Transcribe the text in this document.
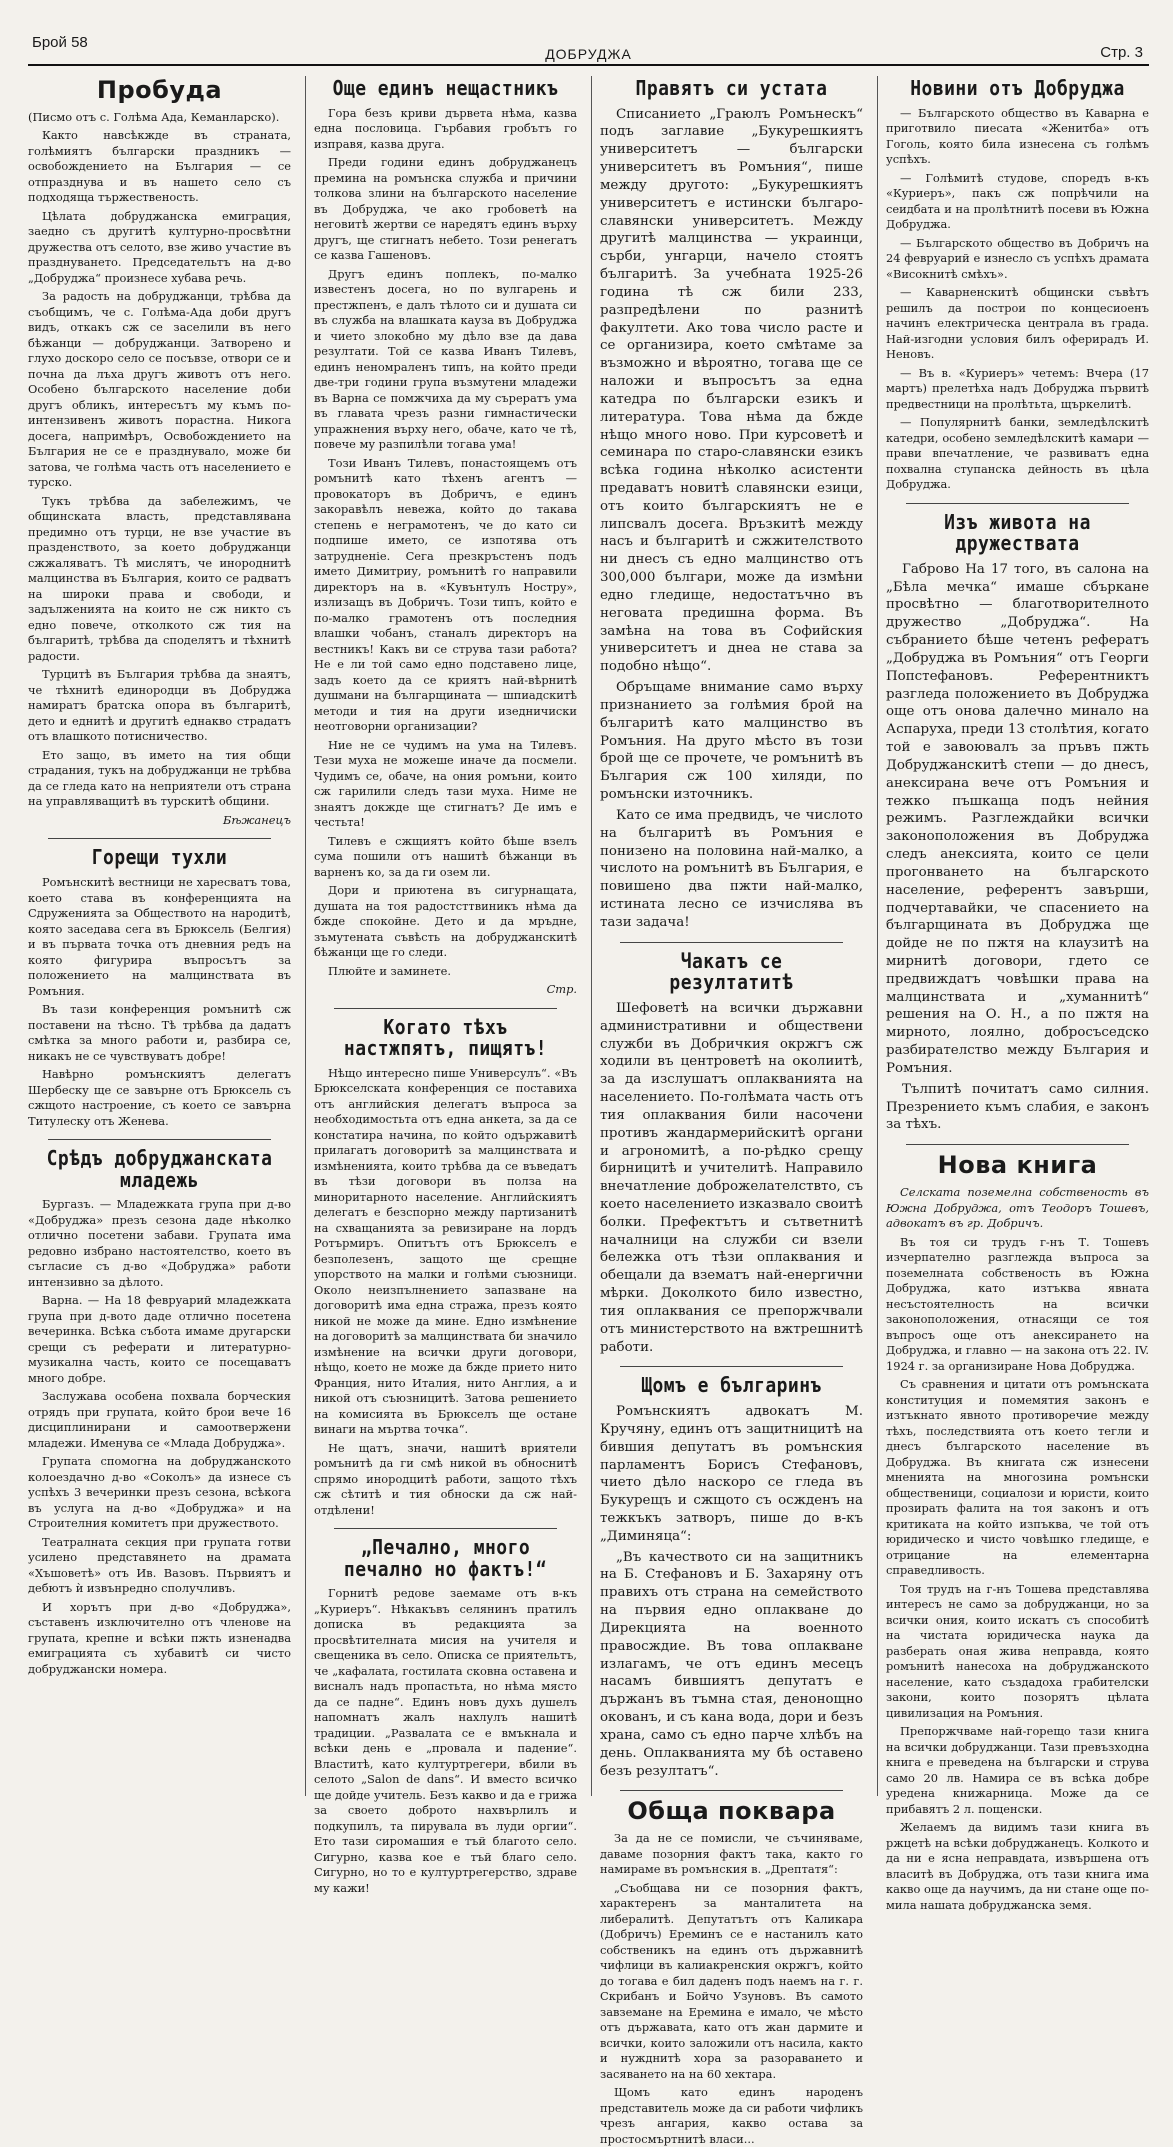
Брой 58
ДОБРУДЖА	Стр. 3
Пробуда

(Писмо отъ с. Голѣма Ада, Кеманларско).

Както навсѣкжде въ страната, голѣмиятъ български праздникъ — освобождението на България — се отпразднува и въ нашето село съ подходяща тържественость.

Цѣлата добруджанска емиграция, заедно съ другитѣ културно-просвѣтни дружества отъ селото, взе живо участие въ празднуването. Председательтъ на д-во „Добруджа“ произнесе хубава речь.

За радость на добруджанци, трѣбва да съобщимъ, че с. Голѣма-Ада доби другъ видъ, откакъ сж се заселили въ него бѣжанци — добруджанци. Затворено и глухо доскоро село се посъвзе, отвори се и почна да лъха другъ животъ отъ него. Особено българското население доби другъ обликъ, интересътъ му къмъ по-интензивенъ животъ порастна. Никога досега, напримѣръ, Освобождението на България не се е празднувало, може би затова, че голѣма часть отъ населението е турско.

Тукъ трѣбва да забележимъ, че общинската власть, представлявана предимно отъ турци, не взе участие въ празденството, за което добруджанци сжжаляватъ. Тѣ мислятъ, че инороднитѣ малцинства въ България, които се радватъ на широки права и свободи, и задълженията на които не сж никто съ едно повече, отколкото сж тия на българитѣ, трѣбва да споделятъ и тѣхнитѣ радости.

Турцитѣ въ България трѣбва да знаятъ, че тѣхнитѣ единородци въ Добруджа намиратъ братска опора въ българитѣ, дето и еднитѣ и другитѣ еднакво страдатъ отъ влашкото потисничество.

Ето защо, въ името на тия общи страдания, тукъ на добруджанци не трѣбва да се гледа като на неприятели отъ страна на управляващитѣ въ турскитѣ общини.

Бѣжанецъ
Горещи тухли

Ромънскитѣ вестници не харесватъ това, което става въ конференцията на Сдруженията за Обществото на народитѣ, която заседава сега въ Брюксель (Белгия) и въ първата точка отъ дневния редъ на която фигурира въпросътъ за положението на малцинствата въ Ромъния.

Въ тази конференция ромънитѣ сж поставени на тѣсно. Тѣ трѣбва да дадатъ смѣтка за много работи и, разбира се, никакъ не се чувствуватъ добре!

Навѣрно ромънскиятъ делегатъ Шербеску ще се завърне отъ Брюксель съ сжщото настроение, съ което се завърна Титулеску отъ Женева.

Срѣдъ добруджанската младежь

Бургазъ. — Младежката група при д-во «Добруджа» презъ сезона даде нѣколко отлично посетени забави. Групата има редовно избрано настоятелство, което въ съгласие съ д-во «Добруджа» работи интензивно за дѣлото.

Варна. — На 18 февруарий младежката група при д-вото даде отлично посетена вечеринка. Всѣка събота имаме другарски срещи съ реферати и литературно-музикална часть, които се посещаватъ много добре.

Заслужава особена похвала борческия отрядъ при групата, който брои вече 16 дисциплинирани и самоотвержени младежи. Именува се «Млада Добруджа».

Групата спомогна на добруджанското колоездачно д-во «Соколъ» да изнесе съ успѣхъ 3 вечеринки презъ сезона, всѣкога въ услуга на д-во «Добруджа» и на Строителния комитетъ при дружеството.

Театралната секция при групата готви усилено представянето на драмата «Хъшоветѣ» отъ Ив. Вазовъ. Първиятъ и дебютъ ѝ извънредно сполучливъ.

И хорътъ при д-во «Добруджа», съставенъ изключително отъ членове на групата, крепне и всѣки пжть изненадва емиграцията съ хубавитѣ си чисто добруджански номера.

Още единъ нещастникъ

Гора безъ криви дървета нѣма, казва една пословица. Гърбавия гробътъ го изправя, казва друга.

Преди години единъ добруджанецъ премина на ромънска служба и причини толкова злини на българското население въ Добруджа, че ако гробоветѣ на неговитѣ жертви се наредятъ единъ върху другъ, ще стигнатъ небето. Този ренегатъ се казва Гашеновъ.

Другъ единъ поплекъ, по-малко известенъ досега, но по вулгарень и престжпенъ, е далъ тѣлото си и душата си въ служба на влашката кауза въ Добруджа и чието злокобно му дѣло взе да дава резултати. Той се казва Иванъ Тилевъ, единъ неномраленъ типъ, на който преди две-три години група възмутени младежи въ Варна се помжчиха да му сърератъ ума въ главата чрезъ разни гимнастически упражнения върху него, обаче, като че тѣ, повече му разпилѣли тогава ума!

Този Иванъ Тилевъ, понастоящемъ отъ ромънитѣ като тѣхенъ агентъ — провокаторъ въ Добричъ, е единъ закоравѣлъ невежа, който до такава степень е неграмотенъ, че до като си подпише името, се изпотява отъ затрудненіе. Сега презкръстенъ подъ името Димитриу, ромънитѣ го направили директоръ на в. «Кувънтулъ Нострy», излизащъ въ Добричъ. Този типъ, който е по-малко грамотенъ отъ последния влашки чобанъ, станалъ директоръ на вестникъ! Какъ ви се струва тази работа? Не е ли той само едно подставено лице, задъ което да се криятъ най-вѣрнитѣ душмани на българщината — шпиадскитѣ методи и тия на други изедничиски неотговорни организации?

Ние не се чудимъ на ума на Тилевъ. Тези муха не можеше иначе да посмели. Чудимъ се, обаче, на ония ромъни, които сж гарилили следъ тази муха. Ниме не знаятъ докжде ще стигнатъ? Де имъ е честьта!

Тилевъ е сжщиятъ който бѣше взелъ сума пошили отъ нашитѣ бѣжанци въ варненъ ко, за да ги озем ли.

Дори и приютена въ сигурнащата, душата на тоя радостсттвиникъ нѣма да бжде спокойне. Дето и да мръдне, зъмутената съвѣсть на добруджанскитѣ бѣжанци ще го следи.

Плюйте и заминете.

Стр.
Когато тѣхъ настжпятъ, пищятъ!

Нѣщо интересно пише Универсулъ“. «Въ Брюкселската конференция се поставиха отъ английския делегатъ въпроса за необходимостьта отъ една анкета, за да се констатира начина, по който одържавитѣ прилагатъ договоритѣ за малцинствата и измѣненията, които трѣбва да се въведатъ въ тѣзи договори въ полза на миноритарното население. Английскиятъ делегатъ е безспорно между партизанитѣ на схващанията за ревизиране на лордъ Ротърмиръ. Опитътъ отъ Брюкселъ е безполезенъ, защото ще срещне упорството на малки и голѣми съюзници. Около неизпълнението запазване на договоритѣ има една стража, презъ която никой не може да мине. Едно измѣнение на договоритѣ за малцинствата би значило измѣнение на всички други договори, нѣщо, което не може да бжде прието нито Франция, нито Италия, нито Англия, а и никой отъ съюзницитѣ. Затова решението на комисията въ Брюкселъ ще остане винаги на мъртва точка“.

Не щатъ, значи, нашитѣ вриятели ромънитѣ да ги смѣ никой въ обноснитѣ спрямо инородцитѣ работи, защото тѣхъ сж сѣтитѣ и тия обноски да сж най-отдѣлени!

„Печално, много печално но фактъ!“

Горнитѣ редове заемаме отъ в-къ „Куриеръ“. Нѣкакъвъ селянинъ пратилъ дописка въ редакцията за просвѣтителната мисия на учителя и свещеника въ село. Описка се приятельтъ, че „кафалата, гостилата сковна оставена и висналъ надъ пропастьта, но нѣма място да се падне“. Единъ новъ духъ душелъ напомнатъ жалъ нахлулъ нашитѣ традиции. „Развалата се е вмъкнала и всѣки день е „провала и падение“. Властитѣ, като културтрегери, вбили въ селото „Salon de dans“. И вместо всичко ще дойде учитель. Безъ какво и да е грижа за своето доброто нахвърлилъ и подкупилъ, та пирувала въ луди оргии“. Ето тази сиромашия е тъй благото село. Сигурно, казва кое е тъй благо село. Сигурно, но то е културтрегерство, здраве му кажи!

Правятъ си устата

Списанието „Граюлъ Ромънескъ“ подъ заглавие „Букурешкиятъ университетъ — български университетъ въ Ромъния“, пише между другото: „Букурешкиятъ университетъ е истински българо-славянски университетъ. Между другитѣ малцинства — украинци, сърби, унгарци, начело стоятъ българитѣ. За учебната 1925-26 година тѣ сж били 233, разпредѣлени по разнитѣ факултети. Ако това число расте и се организира, което смѣтаме за възможно и вѣроятно, тогава ще се наложи и въпросътъ за една катедра по български езикъ и литература. Това нѣма да бжде нѣщо много ново. При курсоветѣ и семинара по старо-славянски езикъ всѣка година нѣколко асистенти предаватъ новитѣ славянски езици, отъ които българскиятъ не е липсвалъ досега. Връзкитѣ между насъ и българитѣ и сжжителството ни днесъ съ едно малцинство отъ 300,000 българи, може да измѣни едно гледище, недостатъчно въ неговата предишна форма. Въ замѣна на това въ Софийския университетъ и днеа не става за подобно нѣщо“.

Обръщаме внимание само върху признанието за голѣмия брой на българитѣ като малцинство въ Ромъния. На друго мѣсто въ този брой ще се прочете, че ромънитѣ въ България сж 100 хиляди, по ромънски източникъ.

Като се има предвидъ, че числото на българитѣ въ Ромъния е понизено на половина най-малко, а числото на ромънитѣ въ България, е повишено два пжти най-малко, истината лесно се изчислява въ тази задача!

Чакатъ се резултатитѣ

Шефоветѣ на всички държавни административни и обществени служби въ Добричкия окржгъ сж ходили въ центроветѣ на околиитѣ, за да изслушатъ оплакванията на населението. По-голѣмата часть отъ тия оплаквания били насочени противъ жандармерийскитѣ органи и агрономитѣ, а по-рѣдко срещу бирницитѣ и учителитѣ. Направило внечатление доброжелателствто, съ което населението изказвало своитѣ болки. Префектътъ и сътветнитѣ началници на служби си взели бележка отъ тѣзи оплаквания и обещали да взематъ най-енергични мѣрки. Доколкото било известно, тия оплаквания се препоржчвали отъ министерството на вжтрешнитѣ работи.

Щомъ е българинъ

Ромънскиятъ адвокатъ М. Кручяну, единъ отъ защитницитѣ на бившия депутатъ въ ромънския парламентъ Борисъ Стефановъ, чието дѣло наскоро се гледа въ Букурещъ и сжщото съ осжденъ на тежкъкъ затворъ, пише до в-къ „Диминяца“:

„Въ качеството си на защитникъ на Б. Стефановъ и Б. Захаряну отъ правихъ отъ страна на семейството на първия едно оплакване до Дирекцията на военното правосждие. Въ това оплакване излагамъ, че отъ единъ месецъ насамъ бившиятъ депутатъ е държанъ въ тъмна стая, денонощно окованъ, и съ кана вода, дори и безъ храна, само съ едно парче хлѣбъ на день. Оплакванията му бѣ оставено безъ резултатъ“.

Обща поквара

За да не се помисли, че съчиняваме, даваме позорния фактъ така, както го намираме въ ромънския в. „Дрептатя“:

„Съобщава ни се позорния фактъ, характеренъ за манталитета на либералитѣ. Депутатътъ отъ Каликара (Добричъ) Ереминъ се е настанилъ като собственикъ на единъ отъ държавнитѣ чифлици въ калиакренския окржгъ, който до тогава е бил даденъ подъ наемъ на г. г. Скрибанъ и Бойчо Узуновъ. Въ самото завземане на Еремина е имало, че мѣсто отъ държавата, като отъ жан дармите и всички, които заложили отъ насила, както и нужднитѣ хора за разораването и засяването на на 60 хектара.

Щомъ като единъ народенъ представитель може да си работи чифликъ чрезъ ангария, какво остава за простосмъртнитѣ власи...

Новини отъ Добруджа

— Българското общество въ Каварна е приготвило пиесата «Женитба» отъ Гоголь, която била изнесена съ голѣмъ успѣхъ.

— Голѣмитѣ студове, споредъ в-къ «Куриеръ», пакъ сж попрѣчили на сеидбата и на пролѣтнитѣ посеви въ Южна Добруджа.

— Българското общество въ Добричъ на 24 февруарий е изнесло съ успѣхъ драмата «Високнитѣ смѣхъ».

— Каварненскитѣ общински съвѣтъ решилъ да построи по концесиоенъ начинъ електрическа централа въ града. Най-изгодни условия билъ оферирадъ И. Неновъ.

— Въ в. «Куриеръ» четемъ: Вчера (17 мартъ) прелетѣха надъ Добруджа първитѣ предвестници на пролѣтьта, щъркелитѣ.

— Популярнитѣ банки, земледѣлскитѣ катедри, особено земледѣлскитѣ камари — прави впечатление, че развиватъ една похвална ступанска дейность въ цѣла Добруджа.

Изъ живота на дружествата

Габрово На 17 того, въ салона на „Бѣла мечка“ имаше сбъркане просвѣтно — благотворителното дружество „Добруджа“. На събранието бѣше четенъ рефератъ „Добруджа въ Ромъния“ отъ Георги Попстефановъ. Референтниктъ разгледа положението въ Добруджа още отъ онова далечно минало на Аспаруха, преди 13 столѣтия, когато той е завоювалъ за пръвъ пжть Добруджанскитѣ степи — до днесъ, анексирана вече отъ Ромъния и тежко пъшкаща подъ нейния режимъ. Разглеждайки всички законоположения въ Добруджа следъ анексията, които се цели прогонването на българското население, референтъ завърши, подчертавайки, че спасението на българщината въ Добруджа ще дойде не по пжтя на клаузитѣ на мирнитѣ договори, гдето се предвиждатъ човѣшки права на малцинствата и „хуманнитѣ“ решения на О. Н., а по пжтя на мирното, лоялно, добросъседско разбирателство между България и Ромъния.

Тълпитѣ почитатъ само силния. Презрението къмъ слабия, е законъ за тѣхъ.

Нова книга

Селската поземелна собственость въ Южна Добруджа, отъ Теодоръ Тошевъ, адвокатъ въ гр. Добричъ.

Въ тоя си трудъ г-нъ Т. Тошевъ изчерпателно разглежда въпроса за поземелната собственость въ Южна Добруджа, като изтъква явната несъстоятелность на всички законоположения, отнасящи се тоя въпросъ още отъ анексирането на Добруджа, и главно — на закона отъ 22. IV. 1924 г. за организиране Нова Добруджа.

Съ сравнения и цитати отъ ромънската конституция и помемятия законъ е изтъкнато явното противоречие между тѣхъ, последствията отъ което тегли и днесъ българското население въ Добруджа. Въ книгата сж изнесени мненията на многозина ромънски общественици, социалози и юристи, които прозирать фалита на тоя законъ и отъ критиката на който изпъква, че той отъ юридическо и чисто човѣшко гледище, е отрицание на елементарна справедливость.

Тоя трудъ на г-нъ Тошева представлява интересъ не само за добруджанци, но за всички ония, които искатъ съ способитѣ на чистата юридическа наука да разберать оная жива неправда, която ромънитѣ нанесоха на добруджанското население, като създадоха грабителски закони, които позорятъ цѣлата цивилизация на Ромъния.

Препоржчваме най-горещо тази книга на всички добруджанци. Тази превъзходна книга е преведена на български и струва само 20 лв. Намира се въ всѣка добре уредена книжарница. Може да се прибавятъ 2 л. пощенски.

Желаемъ да видимъ тази книга въ ржцетѣ на всѣки добруджанецъ. Колкото и да ни е ясна неправдата, извършена отъ власитѣ въ Добруджа, отъ тази книга има какво още да научимъ, да ни стане още по-мила нашата добруджанска земя.
